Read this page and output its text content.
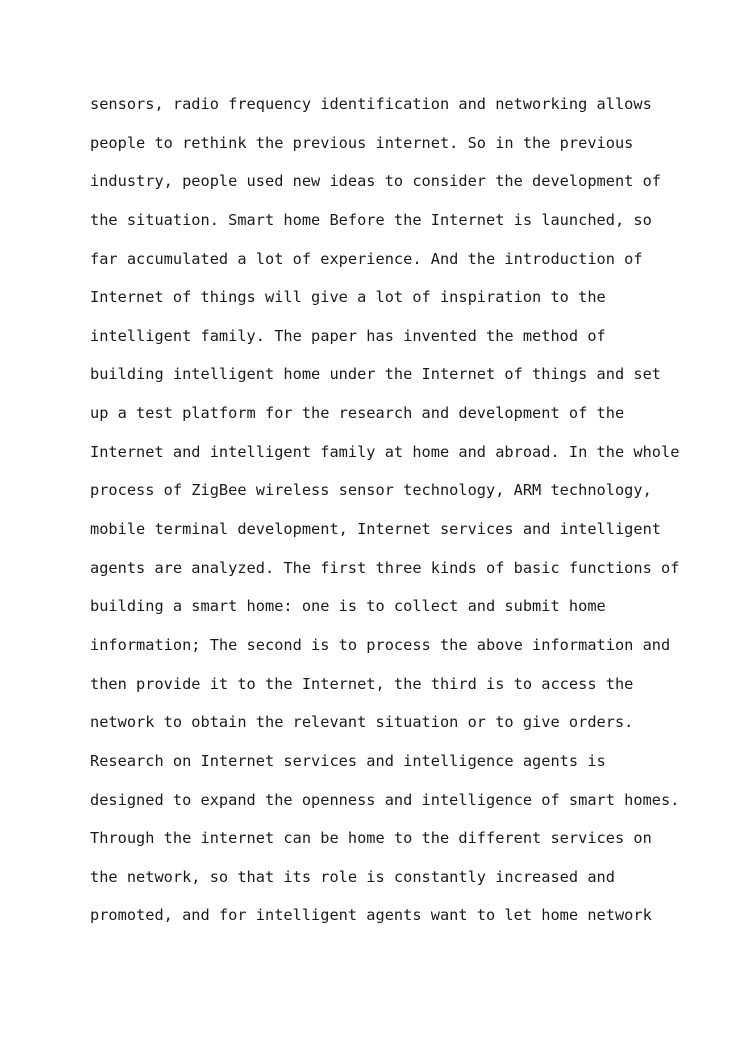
sensors, radio frequency identification and networking allows
people to rethink the previous internet. So in the previous
industry, people used new ideas to consider the development of
the situation. Smart home Before the Internet is launched, so
far accumulated a lot of experience. And the introduction of
Internet of things will give a lot of inspiration to the
intelligent family. The paper has invented the method of
building intelligent home under the Internet of things and set
up a test platform for the research and development of the
Internet and intelligent family at home and abroad. In the whole
process of ZigBee wireless sensor technology, ARM technology,
mobile terminal development, Internet services and intelligent
agents are analyzed. The first three kinds of basic functions of
building a smart home: one is to collect and submit home
information; The second is to process the above information and
then provide it to the Internet, the third is to access the
network to obtain the relevant situation or to give orders.
Research on Internet services and intelligence agents is
designed to expand the openness and intelligence of smart homes.
Through the internet can be home to the different services on
the network, so that its role is constantly increased and
promoted, and for intelligent agents want to let home network
